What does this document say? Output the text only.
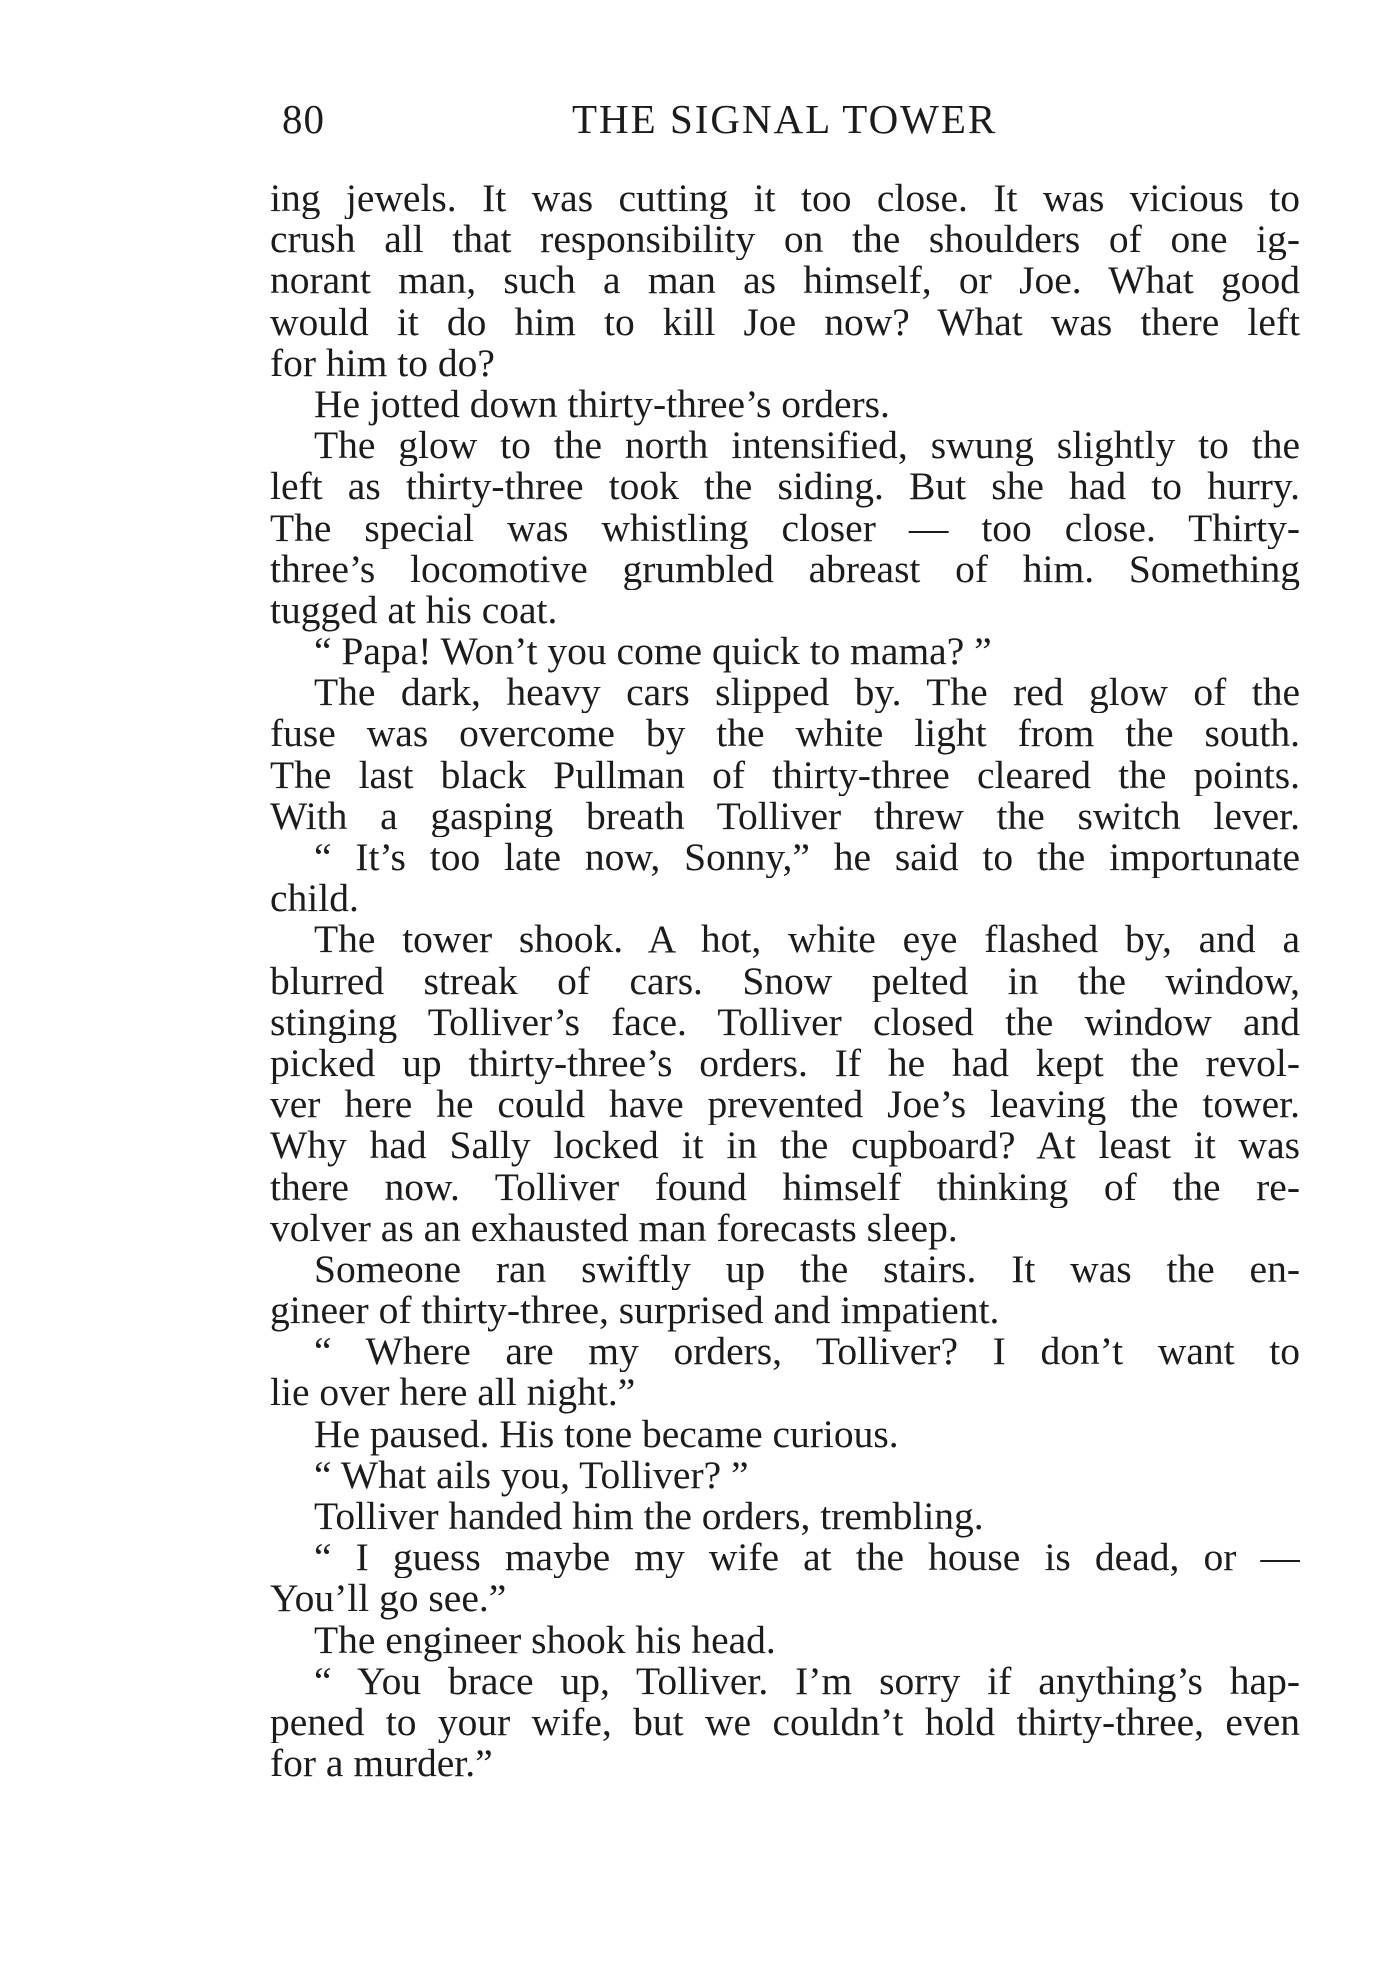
80	THE SIGNAL TOWER
ing jewels. It was cutting it too close. It was vicious to
crush all that responsibility on the shoulders of one ig-
norant man, such a man as himself, or Joe. What good
would it do him to kill Joe now? What was there left
for him to do?
He jotted down thirty-three’s orders.
The glow to the north intensified, swung slightly to the
left as thirty-three took the siding. But she had to hurry.
The special was whistling closer — too close. Thirty-
three’s locomotive grumbled abreast of him. Something
tugged at his coat.
“ Papa! Won’t you come quick to mama? ”
The dark, heavy cars slipped by. The red glow of the
fuse was overcome by the white light from the south.
The last black Pullman of thirty-three cleared the points.
With a gasping breath Tolliver threw the switch lever.
“ It’s too late now, Sonny,” he said to the importunate
child.
The tower shook. A hot, white eye flashed by, and a
blurred streak of cars. Snow pelted in the window,
stinging Tolliver’s face. Tolliver closed the window and
picked up thirty-three’s orders. If he had kept the revol-
ver here he could have prevented Joe’s leaving the tower.
Why had Sally locked it in the cupboard? At least it was
there now. Tolliver found himself thinking of the re-
volver as an exhausted man forecasts sleep.
Someone ran swiftly up the stairs. It was the en-
gineer of thirty-three, surprised and impatient.
“ Where are my orders, Tolliver? I don’t want to
lie over here all night.”
He paused. His tone became curious.
“ What ails you, Tolliver? ”
Tolliver handed him the orders, trembling.
“ I guess maybe my wife at the house is dead, or —
You’ll go see.”
The engineer shook his head.
“ You brace up, Tolliver. I’m sorry if anything’s hap-
pened to your wife, but we couldn’t hold thirty-three, even
for a murder.”
